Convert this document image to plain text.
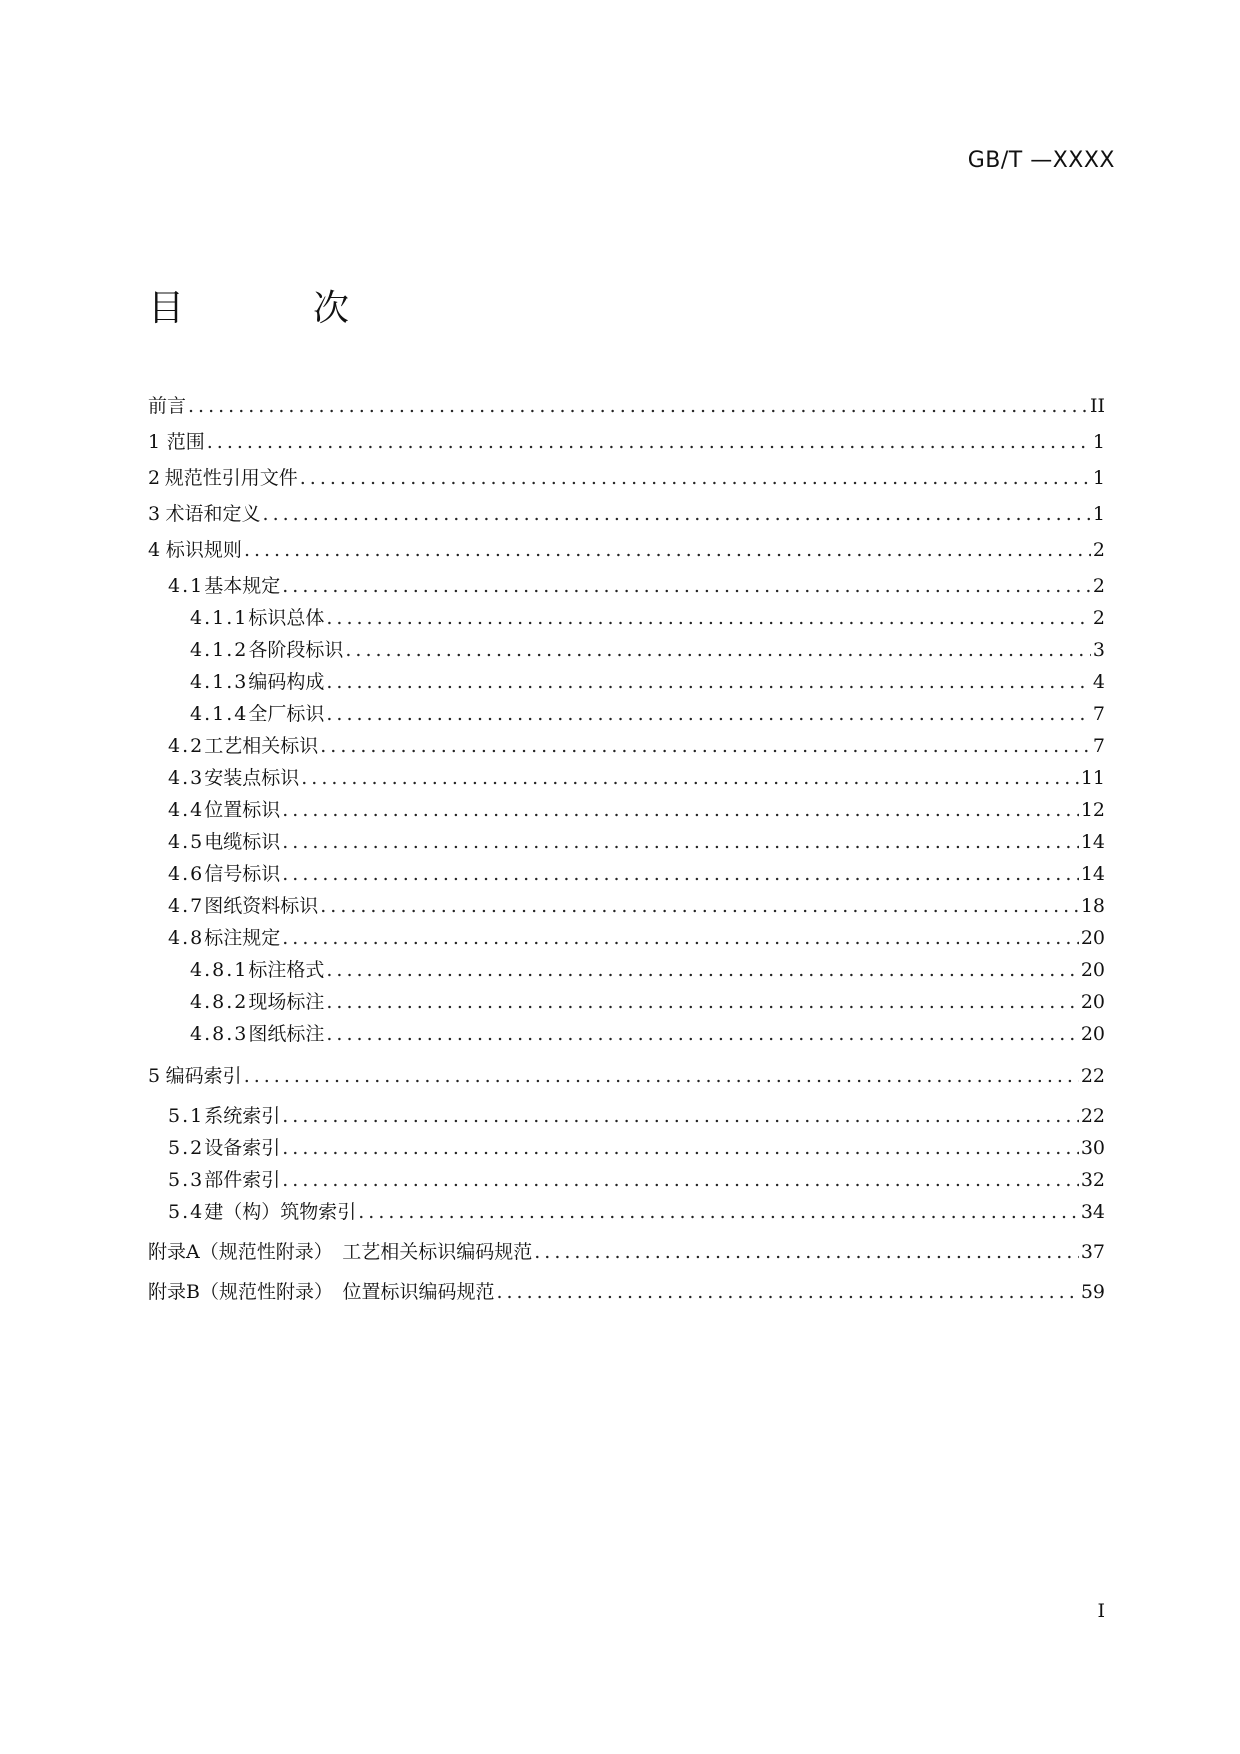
GB/T —XXXX
目	次
前言 .....	II
1 范围 .....	1
2 规范性引用文件 .....	1
3 术语和定义 .....	1
4 标识规则 .....	2
4.1 基本规定 .....	2
4.1.1 标识总体 .....	2
4.1.2 各阶段标识 .....	3
4.1.3 编码构成 .....	4
4.1.4 全厂标识 .....	7
4.2 工艺相关标识 .....	7
4.3 安装点标识 .....	11
4.4 位置标识 .....	12
4.5 电缆标识 .....	14
4.6 信号标识 .....	14
4.7 图纸资料标识 .....	18
4.8 标注规定 .....	20
4.8.1 标注格式 .....	20
4.8.2 现场标注 .....	20
4.8.3 图纸标注 .....	20
5 编码索引 .....	22
5.1 系统索引 .....	22
5.2 设备索引 .....	30
5.3 部件索引 .....	32
5.4 建（构）筑物索引 .....	34
附录A（规范性附录）　工艺相关标识编码规范 .....	37
附录B（规范性附录）　位置标识编码规范 .....	59
I
